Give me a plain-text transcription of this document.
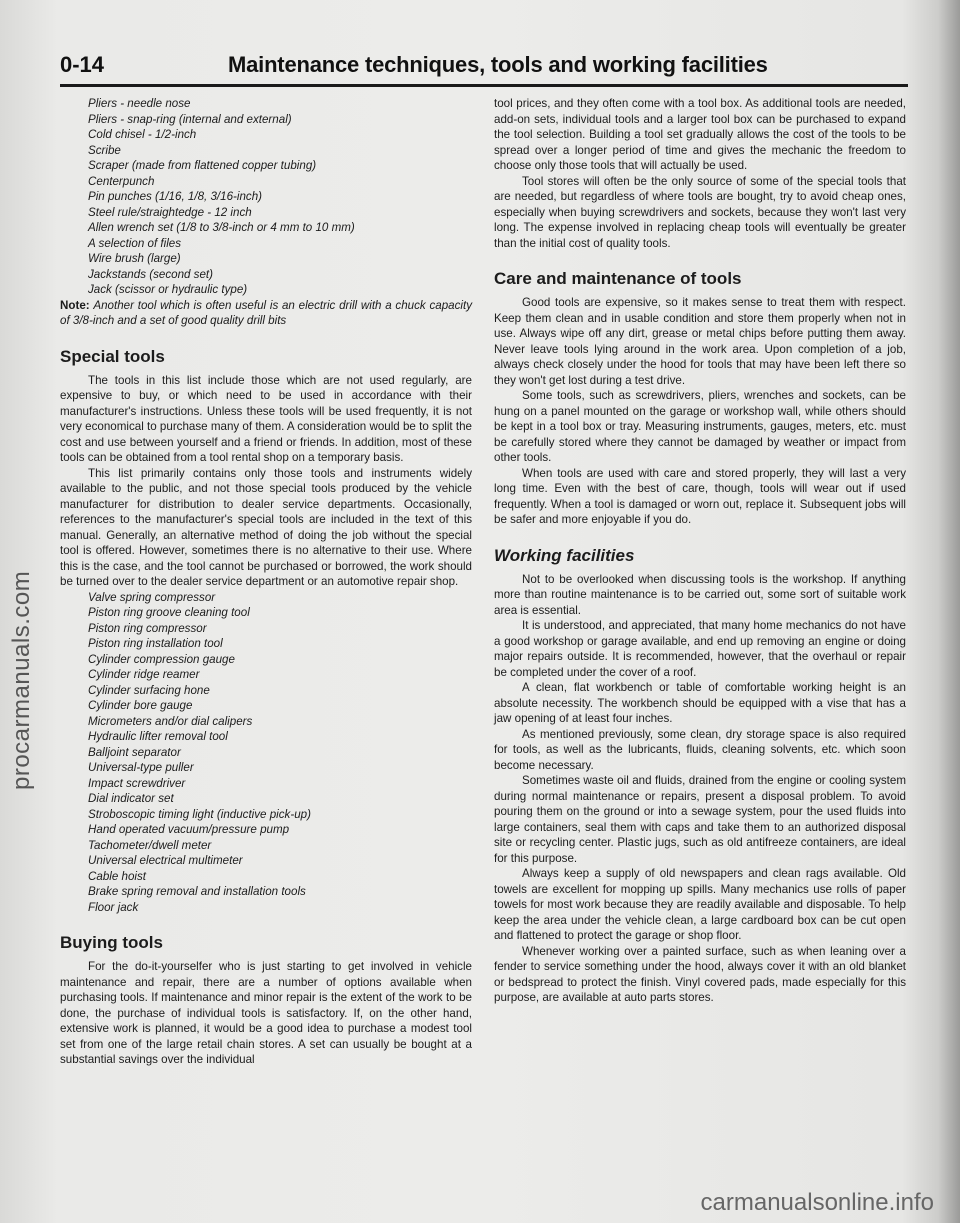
0-14	Maintenance techniques, tools and working facilities
Pliers - needle nose
Pliers - snap-ring (internal and external)
Cold chisel - 1/2-inch
Scribe
Scraper (made from flattened copper tubing)
Centerpunch
Pin punches (1/16, 1/8, 3/16-inch)
Steel rule/straightedge - 12 inch
Allen wrench set (1/8 to 3/8-inch or 4 mm to 10 mm)
A selection of files
Wire brush (large)
Jackstands (second set)
Jack (scissor or hydraulic type)

Note: Another tool which is often useful is an electric drill with a chuck capacity of 3/8-inch and a set of good quality drill bits

Special tools

The tools in this list include those which are not used regularly, are expensive to buy, or which need to be used in accordance with their manufacturer's instructions. Unless these tools will be used frequently, it is not very economical to purchase many of them. A consideration would be to split the cost and use between yourself and a friend or friends. In addition, most of these tools can be obtained from a tool rental shop on a temporary basis.

This list primarily contains only those tools and instruments widely available to the public, and not those special tools produced by the vehicle manufacturer for distribution to dealer service departments. Occasionally, references to the manufacturer's special tools are included in the text of this manual. Generally, an alternative method of doing the job without the special tool is offered. However, sometimes there is no alternative to their use. Where this is the case, and the tool cannot be purchased or borrowed, the work should be turned over to the dealer service department or an automotive repair shop.

Valve spring compressor
Piston ring groove cleaning tool
Piston ring compressor
Piston ring installation tool
Cylinder compression gauge
Cylinder ridge reamer
Cylinder surfacing hone
Cylinder bore gauge
Micrometers and/or dial calipers
Hydraulic lifter removal tool
Balljoint separator
Universal-type puller
Impact screwdriver
Dial indicator set
Stroboscopic timing light (inductive pick-up)
Hand operated vacuum/pressure pump
Tachometer/dwell meter
Universal electrical multimeter
Cable hoist
Brake spring removal and installation tools
Floor jack
Buying tools

For the do-it-yourselfer who is just starting to get involved in vehicle maintenance and repair, there are a number of options available when purchasing tools. If maintenance and minor repair is the extent of the work to be done, the purchase of individual tools is satisfactory. If, on the other hand, extensive work is planned, it would be a good idea to purchase a modest tool set from one of the large retail chain stores. A set can usually be bought at a substantial savings over the individual

tool prices, and they often come with a tool box. As additional tools are needed, add-on sets, individual tools and a larger tool box can be purchased to expand the tool selection. Building a tool set gradually allows the cost of the tools to be spread over a longer period of time and gives the mechanic the freedom to choose only those tools that will actually be used.

Tool stores will often be the only source of some of the special tools that are needed, but regardless of where tools are bought, try to avoid cheap ones, especially when buying screwdrivers and sockets, because they won't last very long. The expense involved in replacing cheap tools will eventually be greater than the initial cost of quality tools.

Care and maintenance of tools

Good tools are expensive, so it makes sense to treat them with respect. Keep them clean and in usable condition and store them properly when not in use. Always wipe off any dirt, grease or metal chips before putting them away. Never leave tools lying around in the work area. Upon completion of a job, always check closely under the hood for tools that may have been left there so they won't get lost during a test drive.

Some tools, such as screwdrivers, pliers, wrenches and sockets, can be hung on a panel mounted on the garage or workshop wall, while others should be kept in a tool box or tray. Measuring instruments, gauges, meters, etc. must be carefully stored where they cannot be damaged by weather or impact from other tools.

When tools are used with care and stored properly, they will last a very long time. Even with the best of care, though, tools will wear out if used frequently. When a tool is damaged or worn out, replace it. Subsequent jobs will be safer and more enjoyable if you do.

Working facilities

Not to be overlooked when discussing tools is the workshop. If anything more than routine maintenance is to be carried out, some sort of suitable work area is essential.

It is understood, and appreciated, that many home mechanics do not have a good workshop or garage available, and end up removing an engine or doing major repairs outside. It is recommended, however, that the overhaul or repair be completed under the cover of a roof.

A clean, flat workbench or table of comfortable working height is an absolute necessity. The workbench should be equipped with a vise that has a jaw opening of at least four inches.

As mentioned previously, some clean, dry storage space is also required for tools, as well as the lubricants, fluids, cleaning solvents, etc. which soon become necessary.

Sometimes waste oil and fluids, drained from the engine or cooling system during normal maintenance or repairs, present a disposal problem. To avoid pouring them on the ground or into a sewage system, pour the used fluids into large containers, seal them with caps and take them to an authorized disposal site or recycling center. Plastic jugs, such as old antifreeze containers, are ideal for this purpose.

Always keep a supply of old newspapers and clean rags available. Old towels are excellent for mopping up spills. Many mechanics use rolls of paper towels for most work because they are readily available and disposable. To help keep the area under the vehicle clean, a large cardboard box can be cut open and flattened to protect the garage or shop floor.

Whenever working over a painted surface, such as when leaning over a fender to service something under the hood, always cover it with an old blanket or bedspread to protect the finish. Vinyl covered pads, made especially for this purpose, are available at auto parts stores.

procarmanuals.com
carmanualsonline.info
